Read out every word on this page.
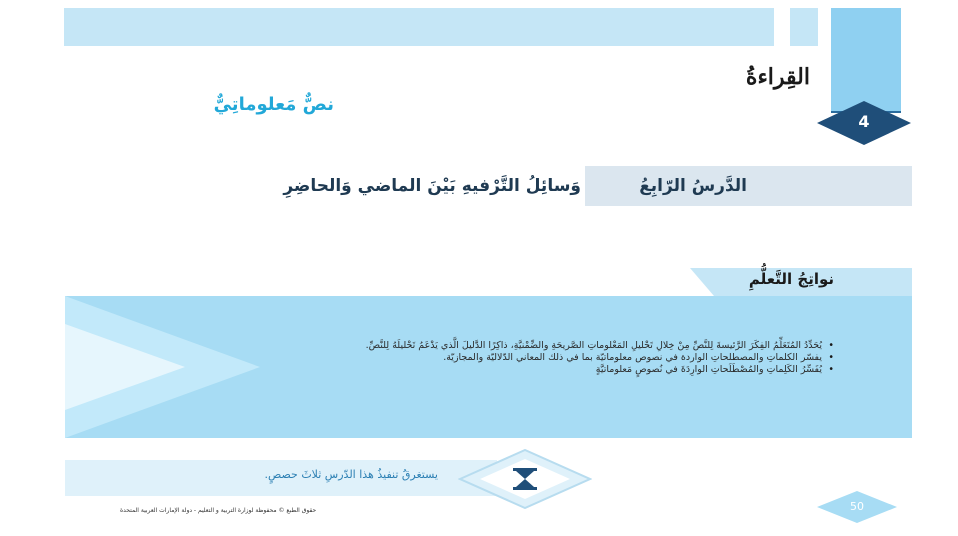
4
القِراءةُ
نصٌّ مَعلوماتِيٌّ
الدَّرسُ الرّابِعُ
وَسائِلُ التَّرْفيهِ بَيْنَ الماضي وَالحاضِرِ
نواتِجُ التَّعلُّمِ
• يُحَدِّدُ المُتَعَلِّمُ الفِكَرَ الرَّئيسةَ لِلنَّصِّ مِنْ خِلالِ تَحْليلِ المَعْلوماتِ الصَّريحَةِ والضِّمْنيَّةِ، ذاكِرًا الدَّليلَ الَّذي يَدْعَمُ تَحْليلَهُ لِلنَّصِّ.
• يفسّر الكلماتِ والمصطلحاتِ الواردة في نصوص معلوماتيّة بما في ذلك المعاني الدّلاليّة والمجازيّة.
• يُفَسِّرُ الكَلِماتِ والمُصْطَلَحاتِ الوارِدَةَ في نُصوصٍ مَعلوماتيَّةٍ
يستغرقُ تنفيذُ هذا الدّرسِ ثلاثَ حصصٍ.
حقوق الطبع © محفوظة لوزارة التربية و التعليم - دولة الإمارات العربية المتحدة	50
